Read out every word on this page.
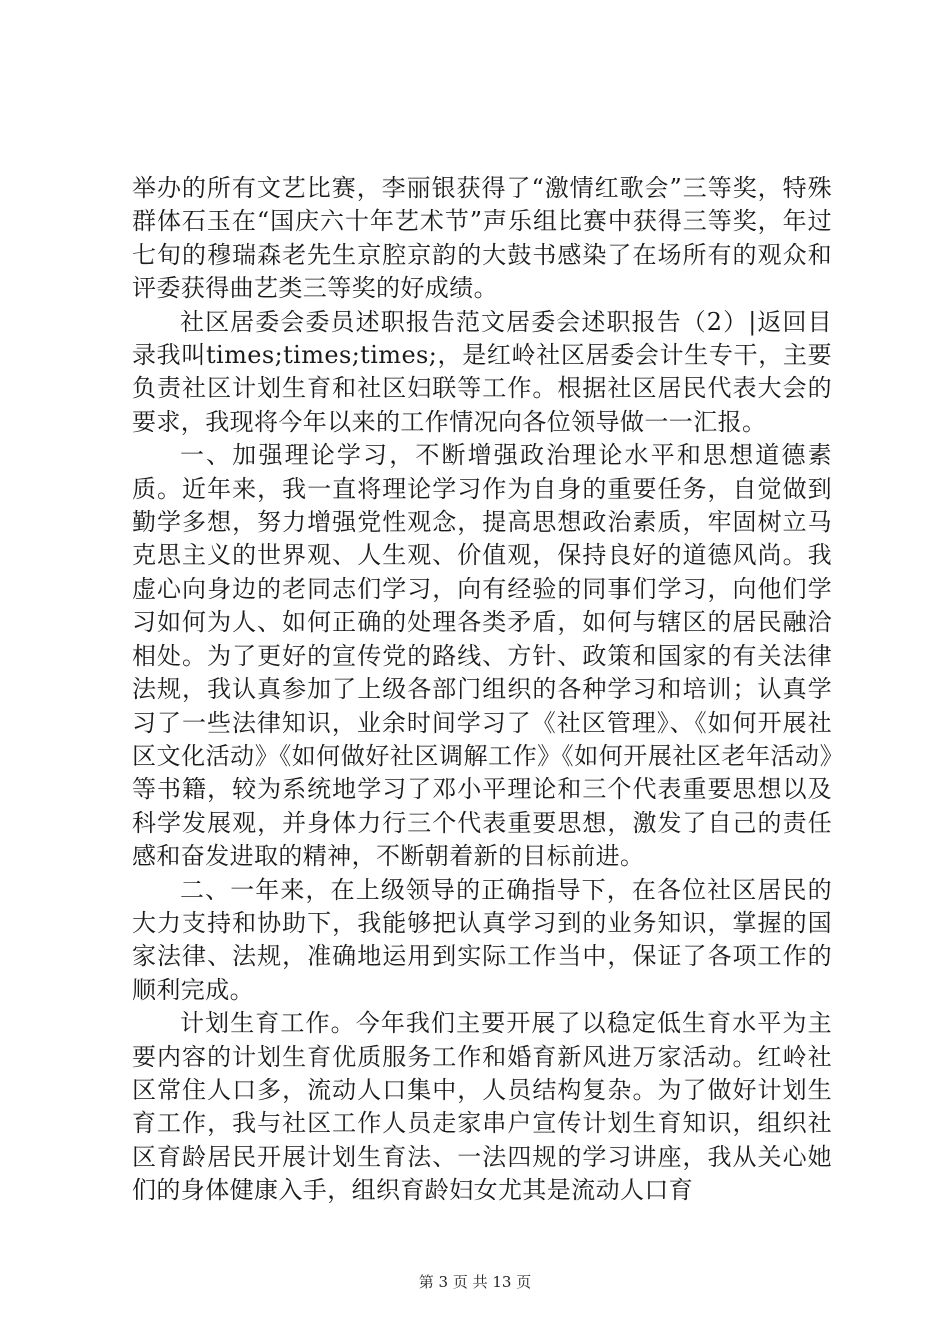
举办的所有文艺比赛，李丽银获得了“激情红歌会”三等奖，特殊群体石玉在“国庆六十年艺术节”声乐组比赛中获得三等奖，年过七旬的穆瑞森老先生京腔京韵的大鼓书感染了在场所有的观众和评委获得曲艺类三等奖的好成绩。

社区居委会委员述职报告范文居委会述职报告（2）|返回目录我叫times;times;times;，是红岭社区居委会计生专干，主要负责社区计划生育和社区妇联等工作。根据社区居民代表大会的要求，我现将今年以来的工作情况向各位领导做一一汇报。

一、加强理论学习，不断增强政治理论水平和思想道德素质。近年来，我一直将理论学习作为自身的重要任务，自觉做到勤学多想，努力增强党性观念，提高思想政治素质，牢固树立马克思主义的世界观、人生观、价值观，保持良好的道德风尚。我虚心向身边的老同志们学习，向有经验的同事们学习，向他们学习如何为人、如何正确的处理各类矛盾，如何与辖区的居民融洽相处。为了更好的宣传党的路线、方针、政策和国家的有关法律法规，我认真参加了上级各部门组织的各种学习和培训；认真学习了一些法律知识，业余时间学习了《社区管理》、《如何开展社区文化活动》《如何做好社区调解工作》《如何开展社区老年活动》等书籍，较为系统地学习了邓小平理论和三个代表重要思想以及科学发展观，并身体力行三个代表重要思想，激发了自己的责任感和奋发进取的精神，不断朝着新的目标前进。

二、一年来，在上级领导的正确指导下，在各位社区居民的大力支持和协助下，我能够把认真学习到的业务知识，掌握的国家法律、法规，准确地运用到实际工作当中，保证了各项工作的顺利完成。

计划生育工作。今年我们主要开展了以稳定低生育水平为主要内容的计划生育优质服务工作和婚育新风进万家活动。红岭社区常住人口多，流动人口集中，人员结构复杂。为了做好计划生育工作，我与社区工作人员走家串户宣传计划生育知识，组织社区育龄居民开展计划生育法、一法四规的学习讲座，我从关心她们的身体健康入手，组织育龄妇女尤其是流动人口育

第 3 页 共 13 页
